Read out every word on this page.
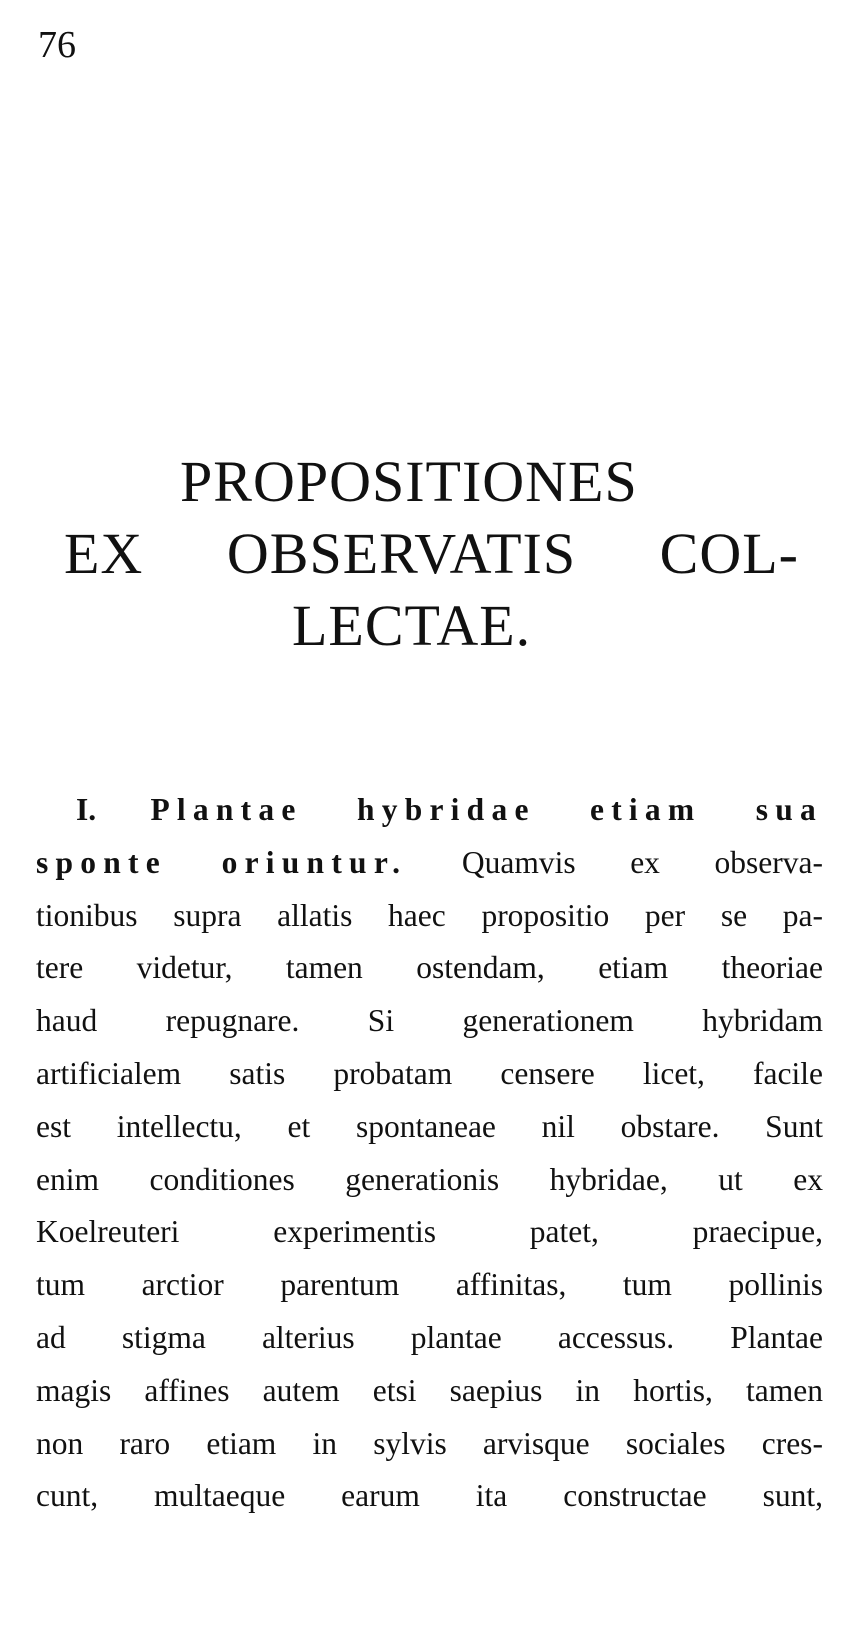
76
PROPOSITIONES
EX OBSERVATIS COL-
LECTAE.
I. Plantae hybridae etiam sua
sponte oriuntur. Quamvis ex observa-
tionibus supra allatis haec propositio per se pa-
tere videtur, tamen ostendam, etiam theoriae
haud repugnare. Si generationem hybridam
artificialem satis probatam censere licet, facile
est intellectu, et spontaneae nil obstare. Sunt
enim conditiones generationis hybridae, ut ex
Koelreuteri	experimentis	patet,	praecipue,
tum arctior parentum affinitas, tum pollinis
ad stigma alterius plantae accessus. Plantae
magis affines autem etsi saepius in hortis, tamen
non raro etiam in sylvis arvisque sociales cres-
cunt, multaeque earum ita constructae sunt,
